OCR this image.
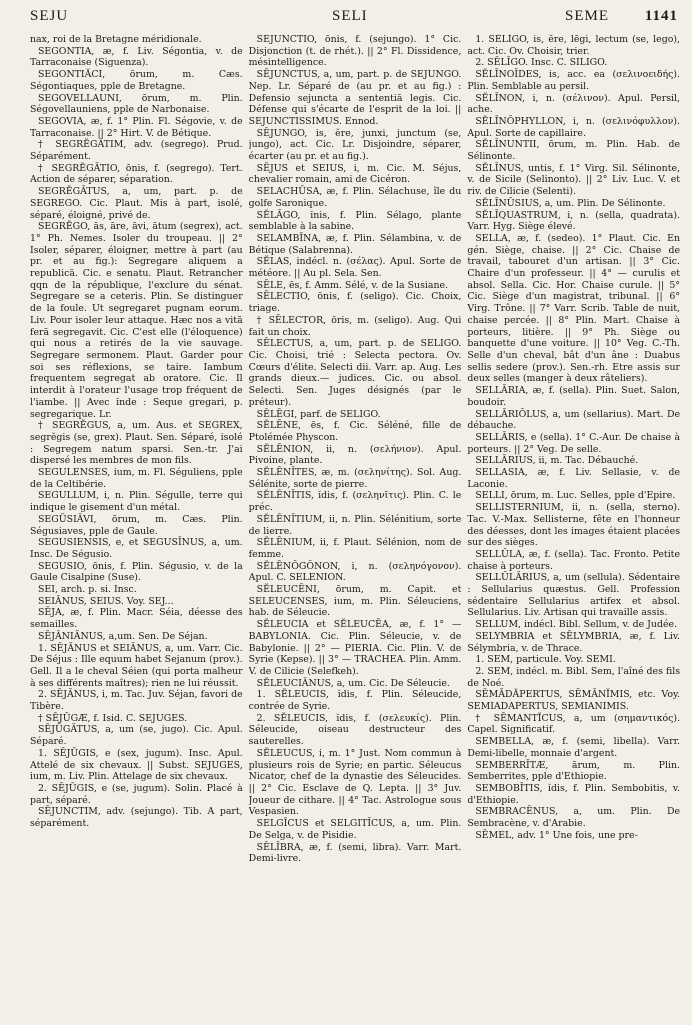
SEJU	SELI	SEME 1141

nax, roi de la Bretagne méridionale.

SEGONTIA, æ, f. Liv. Ségontia, v. de Tarraconaise (Siguenza).

SEGONTIĂCI, ōrum, m. Cæs. Ségontiaques, pple de Bretagne.

SEGOVELLAUNI, ōrum, m. Plin. Ségovellauniens, pple de Narbonaise.

SEGOVIA, æ, f. 1° Plin. Fl. Ségovie, v. de Tarraconaise. || 2° Hirt. V. de Bétique.

† SEGRĔGĀTIM, adv. (segrego). Prud. Séparément.

† SEGRĔGĀTIO, ōnis, f. (segrego). Tert. Action de séparer, séparation.

SEGRĔGĀTUS, a, um, part. p. de SEGREGO. Cic. Plaut. Mis à part, isolé, séparé, éloigné, privé de.

SEGRĔGO, ās, āre, āvi, ātum (segrex), act. 1° Ph. Nemes. Isoler du troupeau. || 2° Isoler, séparer, éloigner, mettre à part (au pr. et au fig.): Segregare aliquem a republicā. Cic. e senatu. Plaut. Retrancher qqn de la république, l'exclure du sénat. Segregare se a ceteris. Plin. Se distinguer de la foule. Ut segregaret pugnam eorum. Liv. Pour isoler leur attaque. Hæc nos a vitā ferā segregavit. Cic. C'est elle (l'éloquence) qui nous a retirés de la vie sauvage. Segregare sermonem. Plaut. Garder pour soi ses réflexions, se taire. Iambum frequentem segregat ab oratore. Cic. Il interdit à l'orateur l'usage trop fréquent de l'iambe. || Avec ĭnde : Seque gregari, p. segregarique. Lr.

† SEGRĔGUS, a, um. Aus. et SEGREX, segrĕgis (se, grex). Plaut. Sen. Séparé, isolé : Segregem natum sparsi. Sen.-tr. J'ai dispersé les membres de mon fils.

SEGULENSES, ium, m. Fl. Séguliens, pple de la Celtibérie.

SEGULLUM, i, n. Plin. Ségulle, terre qui indique le gisement d'un métal.

SEGŪSIĀVI, ōrum, m. Cæs. Plin. Ségusiaves, pple de Gaule.

SEGUSIENSIS, e, et SEGUSĪNUS, a, um. Insc. De Ségusio.

SEGUSIO, ōnis, f. Plin. Ségusio, v. de la Gaule Cisalpine (Suse).

SEI, arch. p. si. Insc.

SEIĀNUS, SEIUS. Voy. SEJ...

SĒJA, æ, f. Plin. Macr. Séia, déesse des semailles.

SĒJĀNIĀNUS, a,um. Sen. De Séjan.

1. SĒJĀNUS et SEIĀNUS, a, um. Varr. Cic. De Séjus : Ille equum habet Sejanum (prov.). Gell. Il a le cheval Séien (qui porta malheur à ses différents maîtres); rien ne lui réussit.

2. SĒJĀNUS, i, m. Tac. Juv. Séjan, favori de Tibère.

† SĒJŪGÆ, f. Isid. C. SEJUGES.

SĒJŪGĀTUS, a, um (se, jugo). Cic. Apul. Séparé.

1. SĒJŪGIS, e (sex, jugum). Insc. Apul. Attelé de six chevaux. || Subst. SEJUGES, ium, m. Liv. Plin. Attelage de six chevaux.

2. SĒJŪGIS, e (se, jugum). Solin. Placé à part, séparé.

SĒJUNCTIM, adv. (sejungo). Tib. A part, séparément.

SĒJUNCTIO, ōnis, f. (sejungo). 1° Cic. Disjonction (t. de rhét.). || 2° Fl. Dissidence, mésintelligence.

SĒJUNCTUS, a, um, part. p. de SEJUNGO. Nep. Lr. Séparé de (au pr. et au fig.) : Defensio sejuncta a sententiā legis. Cic. Défense qui s'écarte de l'esprit de la loi. || SEJUNCTISSIMUS. Ennod.

SĒJUNGO, is, ĕre, junxi, junctum (se, jungo), act. Cic. Lr. Disjoindre, séparer, écarter (au pr. et au fig.).

SĒJUS et SEIUS, i, m. Cic. M. Séjus, chevalier romain, ami de Cicéron.

SELACHŪSA, æ, f. Plin. Sélachuse, île du golfe Saronique.

SĔLĀGO, ĭnis, f. Plin. Sélago, plante semblable à la sabine.

SELAMBĪNA, æ, f. Plin. Sélambina, v. de Bétique (Salabrenna).

SĔLAS, indécl. n. (σέλας). Apul. Sorte de météore. || Au pl. Sela. Sen.

SĒLE, ēs, f. Amm. Sélé, v. de la Susiane.

SĒLECTIO, ōnis, f. (seligo). Cic. Choix, triage.

† SĒLECTOR, ōris, m. (seligo). Aug. Qui fait un choix.

SĒLECTUS, a, um, part. p. de SELIGO. Cic. Choisi, trié : Selecta pectora. Ov. Cœurs d'élite. Selecti dii. Varr. ap. Aug. Les grands dieux.— judices. Cic. ou absol. Selecti. Sen. Juges désignés (par le préteur).

SĒLĒGI, parf. de SELIGO.

SĔLĒNE, ēs, f. Cic. Séléné, fille de Ptolémée Physcon.

SĔLĒNION, ii, n. (σελήνιον). Apul. Pivoine, plante.

SĔLĒNĪTES, æ, m. (σεληνίτης). Sol. Aug. Sélénite, sorte de pierre.

SĔLĒNĪTIS, ĭdis, f. (σεληνῖτις). Plin. C. le préc.

SĔLĒNĪTIUM, ii, n. Plin. Sélénitium, sorte de lierre.

SĔLĒNIUM, ii, f. Plaut. Sélénion, nom de femme.

SĔLĒNŎGŎNON, i, n. (σεληνόγονον). Apul. C. SELENION.

SĔLEUCĒNI, ōrum, m. Capit. et SELEUCENSES, ium, m. Plin. Séleuciens, hab. de Séleucie.

SĔLEUCIA et SĔLEUCĒA, æ, f. 1° — BABYLONIA. Cic. Plin. Séleucie, v. de Babylonie. || 2° — PIERIA. Cic. Plin. V. de Syrie (Kepse). || 3° — TRACHEA. Plin. Amm. V. de Cilicie (Selefkeh).

SĔLEUCIĀNUS, a, um. Cic. De Séleucie.

1. SĔLEUCIS, ĭdis, f. Plin. Séleucide, contrée de Syrie.

2. SĔLEUCIS, ĭdis, f. (σελευκίς). Plin. Séleucide, oiseau destructeur des sauterelles.

SĔLEUCUS, i, m. 1° Just. Nom commun à plusieurs rois de Syrie; en partic. Séleucus Nicator, chef de la dynastie des Séleucides. || 2° Cic. Esclave de Q. Lepta. || 3° Juv. Joueur de cithare. || 4° Tac. Astrologue sous Vespasien.

SELGĪCUS et SELGITĪCUS, a, um. Plin. De Selga, v. de Pisidie.

SĒLĪBRA, æ, f. (semi, libra). Varr. Mart. Demi-livre.

1. SĒLĪGO, is, ĕre, lēgi, lectum (se, lego), act. Cic. Ov. Choisir, trier.

2. SĒLĪGO. Insc. C. SILIGO.

SĔLĪNOĪDES, is, acc. ea (σελινοειδής). Plin. Semblable au persil.

SĔLĪNON, i, n. (σέλινον). Apul. Persil, ache.

SĔLĪNŎPHYLLON, i, n. (σελινόφυλλον). Apul. Sorte de capillaire.

SĔLĪNUNTII, ōrum, m. Plin. Hab. de Sélinonte.

SĔLĪNUS, untis, f. 1° Virg. Sil. Sélinonte, v. de Sicile (Selinonto). || 2° Liv. Luc. V. et riv. de Cilicie (Selenti).

SĔLĪNŪSIUS, a, um. Plin. De Sélinonte.

SĔLĪQUASTRUM, i, n. (sella, quadrata). Varr. Hyg. Siège élevé.

SELLA, æ, f. (sedeo). 1° Plaut. Cic. En gén. Siège, chaise. || 2° Cic. Chaise de travail, tabouret d'un artisan. || 3° Cic. Chaire d'un professeur. || 4° — curulis et absol. Sella. Cic. Hor. Chaise curule. || 5° Cic. Siège d'un magistrat, tribunal. || 6° Virg. Trône. || 7° Varr. Scrib. Table de nuit, chaise percée. || 8° Plin. Mart. Chaise à porteurs, litière. || 9° Ph. Siège ou banquette d'une voiture. || 10° Veg. C.-Th. Selle d'un cheval, bât d'un âne : Duabus sellis sedere (prov.). Sen.-rh. Etre assis sur deux selles (manger à deux râteliers).

SELLĀRIA, æ, f. (sella). Plin. Suet. Salon, boudoir.

SELLĀRIŎLUS, a, um (sellarius). Mart. De débauche.

SELLĀRIS, e (sella). 1° C.-Aur. De chaise à porteurs. || 2° Veg. De selle.

SELLĀRIUS, ii, m. Tac. Débauché.

SELLASIA, æ, f. Liv. Sellasie, v. de Laconie.

SELLI, ōrum, m. Luc. Selles, pple d'Epire.

SELLISTERNIUM, ii, n. (sella, sterno). Tac. V.-Max. Sellisterne, fête en l'honneur des déesses, dont les images étaient placées sur des sièges.

SELLŬLA, æ, f. (sella). Tac. Fronto. Petite chaise à porteurs.

SELLŬLĀRIUS, a, um (sellula). Sédentaire : Sellularius quæstus. Gell. Profession sédentaire Sellularius artifex et absol. Sellularius. Liv. Artisan qui travaille assis.

SELLUM, indécl. Bibl. Sellum, v. de Judée.

SELYMBRIA et SĒLYMBRIA, æ, f. Liv. Sélymbria, v. de Thrace.

1. SEM, particule. Voy. SEMI.

2. SEM, indécl. m. Bibl. Sem, l'aîné des fils de Noé.

SĒMĀDĂPERTUS, SĒMĀNĬMIS, etc. Voy. SEMIADAPERTUS, SEMIANIMIS.

† SĒMANTĬCUS, a, um (σημαντικός). Capel. Significatif.

SEMBELLA, æ, f. (semi, libella). Varr. Demi-libelle, monnaie d'argent.

SEMBERRĪTÆ, ārum, m. Plin. Semberrites, pple d'Ethiopie.

SEMBOBĪTIS, ĭdis, f. Plin. Sembobitis, v. d'Ethiopie.

SEMBRACĒNUS, a, um. Plin. De Sembracène, v. d'Arabie.

SĒMEL, adv. 1° Une fois, une pre-
